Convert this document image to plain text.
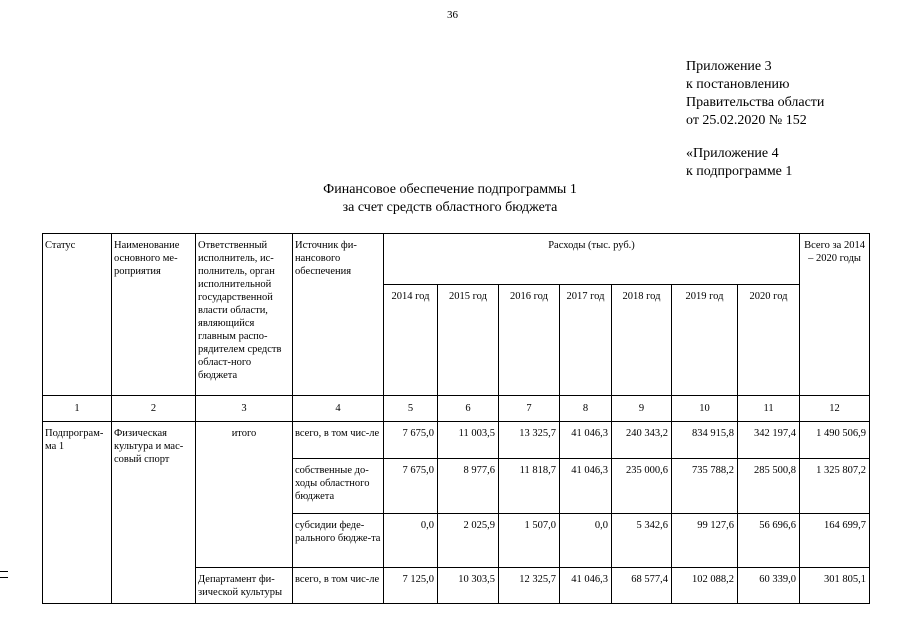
36
Приложение 3
к постановлению
Правительства области
от 25.02.2020 № 152
«Приложение 4
к подпрограмме 1
Финансовое обеспечение подпрограммы 1
за счет средств областного бюджета
Статус	Наименование основного ме-роприятия	Ответственный исполнитель, ис-полнитель, орган исполнительной государственной власти области, являющийся главным распо-рядителем средств област-ного бюджета	Источник фи-нансового обеспечения	Расходы (тыс. руб.)							Всего за 2014 – 2020 годы
				2014 год	2015 год	2016 год	2017 год	2018 год	2019 год	2020 год	
1	2	3	4	5	6	7	8	9	10	11	12
Подпрограм-ма 1	Физическая культура и мас-совый спорт	итого	всего, в том чис-ле	7 675,0	11 003,5	13 325,7	41 046,3	240 343,2	834 915,8	342 197,4	1 490 506,9
			собственные до-ходы областного бюджета	7 675,0	8 977,6	11 818,7	41 046,3	235 000,6	735 788,2	285 500,8	1 325 807,2
			субсидии феде-рального бюдже-та	0,0	2 025,9	1 507,0	0,0	5 342,6	99 127,6	56 696,6	164 699,7
		Департамент фи-зической культуры	всего, в том чис-ле	7 125,0	10 303,5	12 325,7	41 046,3	68 577,4	102 088,2	60 339,0	301 805,1
